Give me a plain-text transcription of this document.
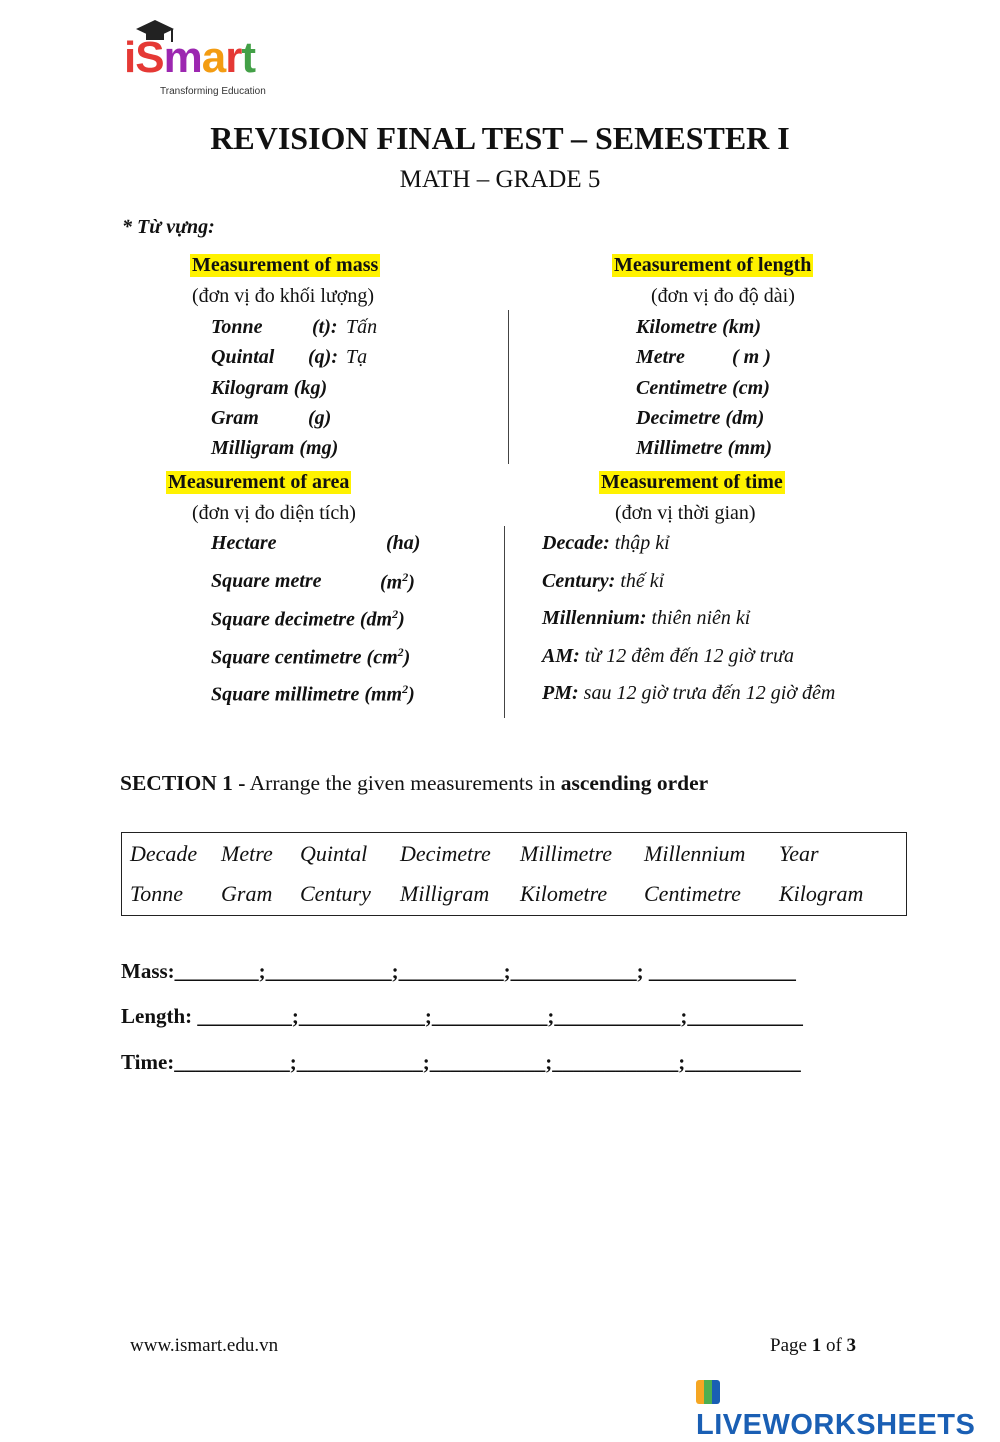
iSmart
Transforming Education
REVISION FINAL TEST – SEMESTER I
MATH – GRADE 5
* Từ vựng:
Measurement of mass
(đơn vị đo khối lượng)
Tonne (t): Tấn
Quintal (q): Tạ
Kilogram (kg)
Gram (g)
Milligram (mg)
Measurement of length
(đơn vị đo độ dài)
Kilometre (km)
Metre ( m )
Centimetre (cm)
Decimetre (dm)
Millimetre (mm)
Measurement of area
(đơn vị đo diện tích)
Hectare	(ha)
Square metre	$(m^2)$
Square decimetre $(dm^2)$
Square centimetre $(cm^2)$
Square millimetre $(mm^2)$
Measurement of time
(đơn vị thời gian)
Decade: thập kỉ
Century: thế kỉ
Millennium: thiên niên kỉ
AM: từ 12 đêm đến 12 giờ trưa
PM: sau 12 giờ trưa đến 12 giờ đêm
SECTION 1 - Arrange the given measurements in ascending order
Decade Metre Quintal Decimetre Millimetre Millennium Year
Tonne Gram Century Milligram Kilometre Centimetre Kilogram
Mass:________;____________;__________;____________; ______________
Length: _________;____________;___________;____________;___________
Time:___________;____________;___________;____________;___________
www.ismart.edu.vn	Page 1 of 3
LIVEWORKSHEETS
